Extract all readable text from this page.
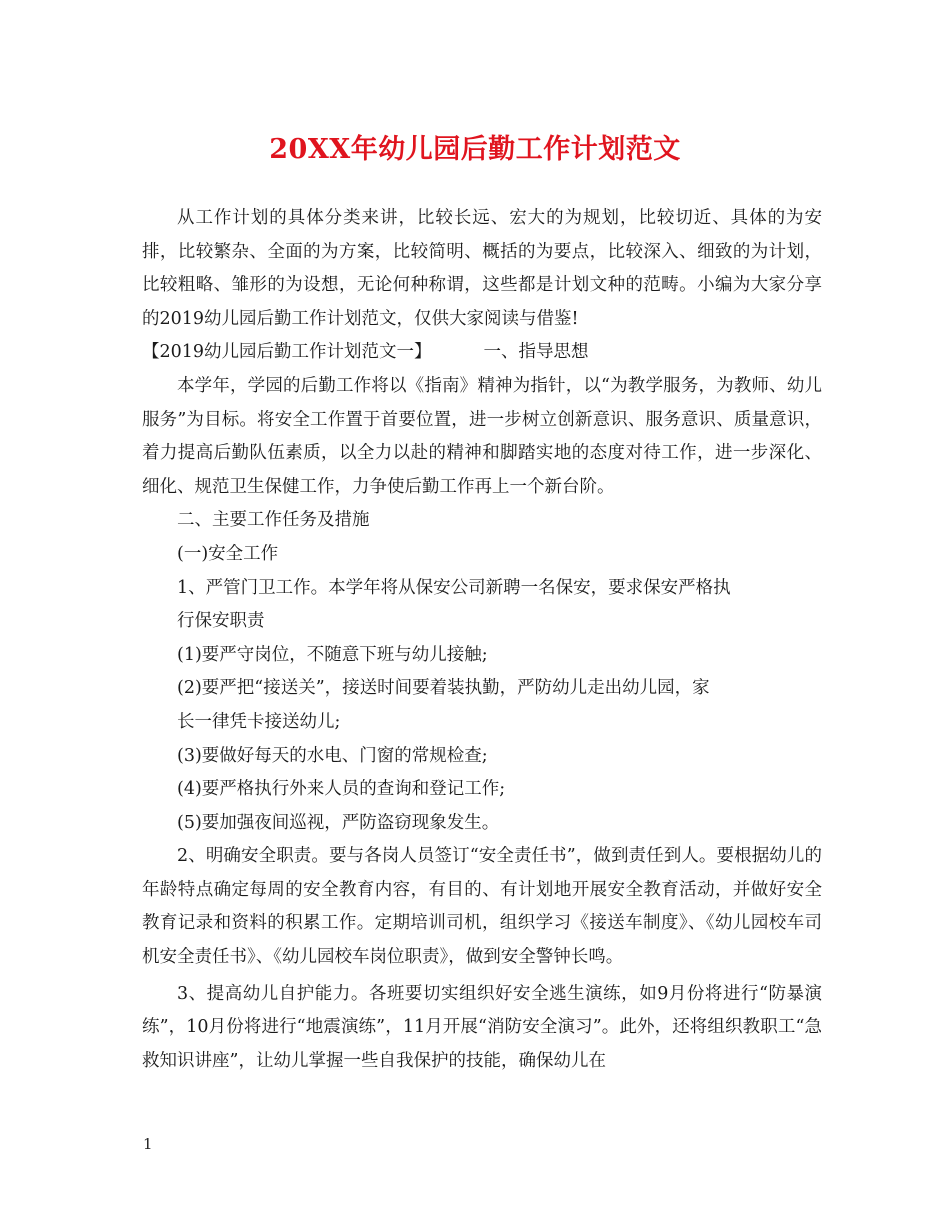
20XX年幼儿园后勤工作计划范文

从工作计划的具体分类来讲，比较长远、宏大的为规划，比较切近、具体的为安排，比较繁杂、全面的为方案，比较简明、概括的为要点，比较深入、细致的为计划，比较粗略、雏形的为设想，无论何种称谓，这些都是计划文种的范畴。小编为大家分享的2019幼儿园后勤工作计划范文，仅供大家阅读与借鉴!

【2019幼儿园后勤工作计划范文一】	一、指导思想

本学年，学园的后勤工作将以《指南》精神为指针，以“为教学服务，为教师、幼儿服务”为目标。将安全工作置于首要位置，进一步树立创新意识、服务意识、质量意识，着力提高后勤队伍素质，以全力以赴的精神和脚踏实地的态度对待工作，进一步深化、细化、规范卫生保健工作，力争使后勤工作再上一个新台阶。

二、主要工作任务及措施

(一)安全工作

1、严管门卫工作。本学年将从保安公司新聘一名保安，要求保安严格执

行保安职责

(1)要严守岗位，不随意下班与幼儿接触;

(2)要严把“接送关”，接送时间要着装执勤，严防幼儿走出幼儿园，家

长一律凭卡接送幼儿;

(3)要做好每天的水电、门窗的常规检查;

(4)要严格执行外来人员的查询和登记工作;

(5)要加强夜间巡视，严防盗窃现象发生。

2、明确安全职责。要与各岗人员签订“安全责任书”，做到责任到人。要根据幼儿的年龄特点确定每周的安全教育内容，有目的、有计划地开展安全教育活动，并做好安全教育记录和资料的积累工作。定期培训司机，组织学习《接送车制度》、《幼儿园校车司机安全责任书》、《幼儿园校车岗位职责》，做到安全警钟长鸣。

3、提高幼儿自护能力。各班要切实组织好安全逃生演练，如9月份将进行“防暴演练”，10月份将进行“地震演练”，11月开展“消防安全演习”。此外，还将组织教职工“急救知识讲座”，让幼儿掌握一些自我保护的技能，确保幼儿在

1
